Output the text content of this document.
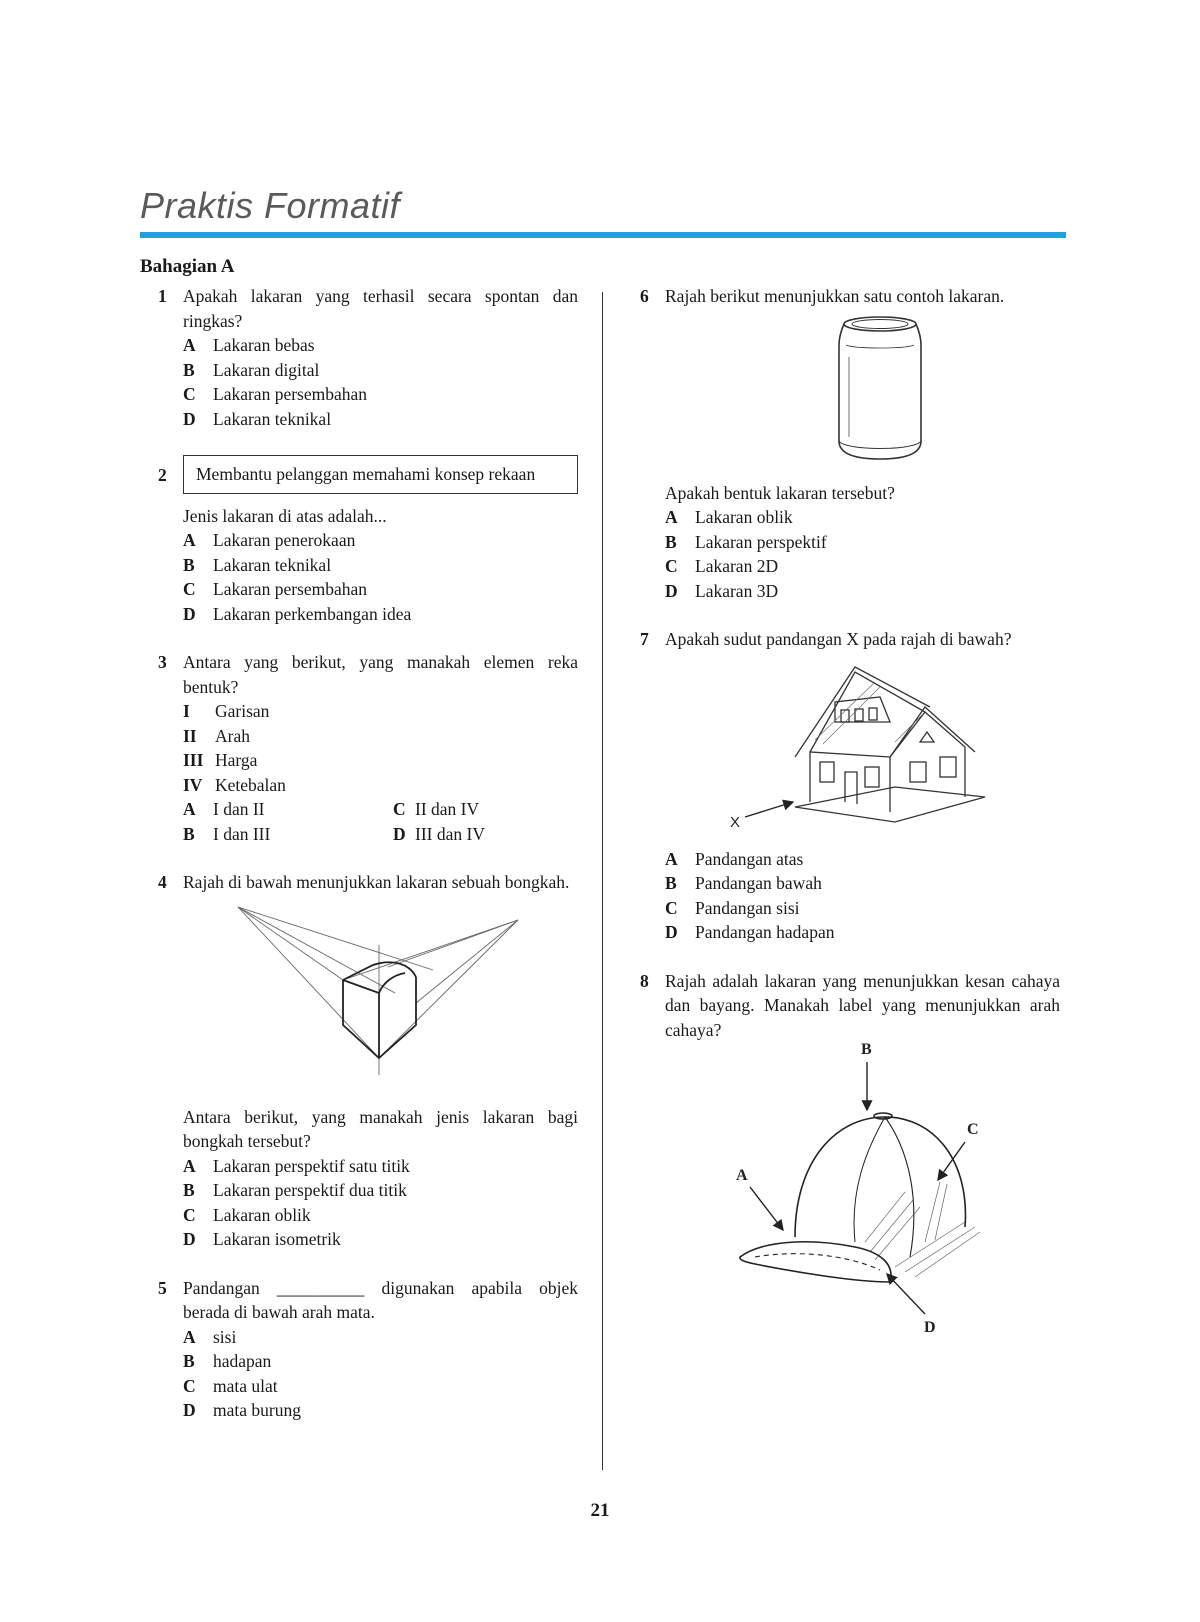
Praktis Formatif
Bahagian A
1 Apakah lakaran yang terhasil secara spontan dan ringkas?
A Lakaran bebas
B	Lakaran digital
C Lakaran persembahan
D Lakaran teknikal
2	Membantu pelanggan memahami konsep rekaan
Jenis lakaran di atas adalah...
A Lakaran penerokaan
B	Lakaran teknikal
C Lakaran persembahan
D Lakaran perkembangan idea
3 Antara yang berikut, yang manakah elemen reka bentuk?
I	Garisan
II	Arah
III Harga
IV Ketebalan
A I dan II	C II dan IV
B	I dan III	D III dan IV
4 Rajah di bawah menunjukkan lakaran sebuah bongkah.
Antara berikut, yang manakah jenis lakaran bagi bongkah tersebut?
A Lakaran perspektif satu titik
B	Lakaran perspektif dua titik
C Lakaran oblik
D Lakaran isometrik
5 Pandangan __________ digunakan apabila objek berada di bawah arah mata.
A sisi
B	hadapan
C mata ulat
D mata burung
6 Rajah berikut menunjukkan satu contoh lakaran.
Apakah bentuk lakaran tersebut?
A Lakaran oblik
B	Lakaran perspektif
C Lakaran 2D
D Lakaran 3D
7 Apakah sudut pandangan X pada rajah di bawah?
X
A Pandangan atas
B	Pandangan bawah
C Pandangan sisi
D Pandangan hadapan
8 Rajah adalah lakaran yang menunjukkan kesan cahaya dan bayang. Manakah label yang menunjukkan arah cahaya?
B
C
A
D
21
